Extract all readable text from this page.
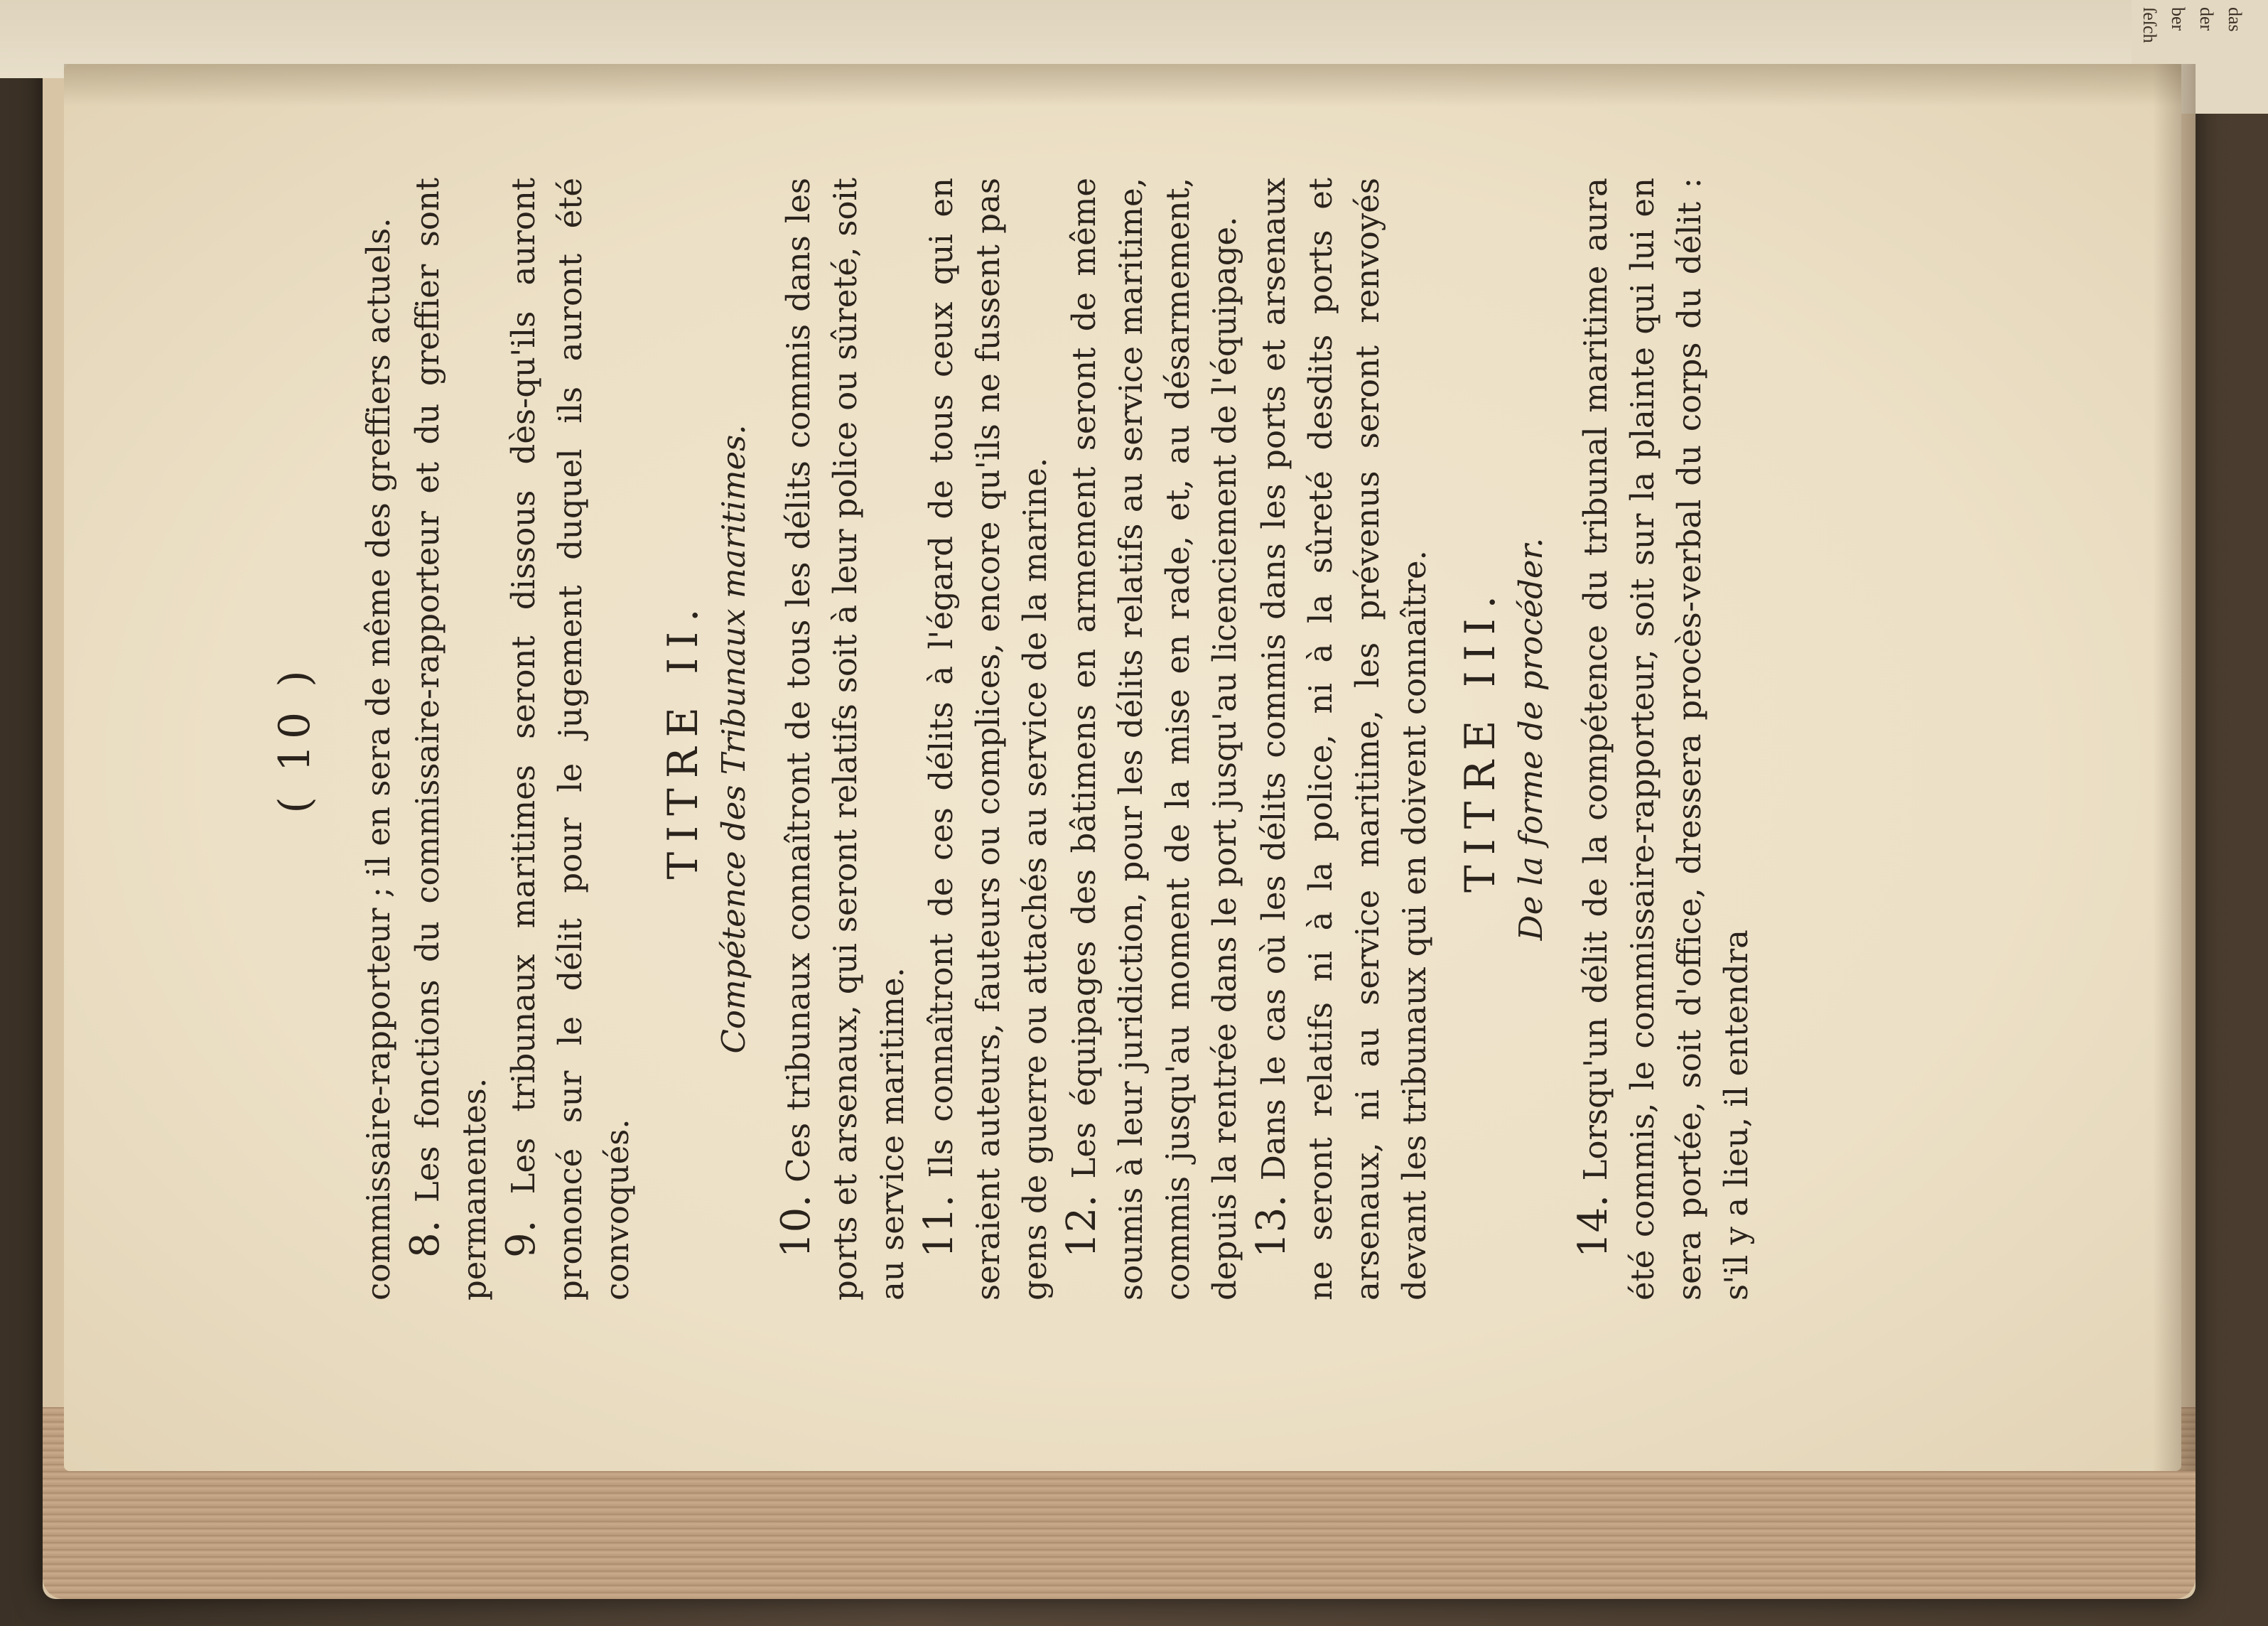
ſeſch ber der das
( 10 ) commissaire-rapporteur ; il en sera de même des greffiers actuels. 8. Les fonctions du commissaire-rapporteur et du greffier sont permanentes. 9. Les tribunaux maritimes seront dissous dès-qu'ils auront prononcé sur le délit pour le jugement duquel ils auront été convoqués.

TITRE II. Compétence des Tribunaux maritimes.

10. Ces tribunaux connaîtront de tous les délits commis dans les ports et arsenaux, qui seront relatifs soit à leur police ou sûreté, soit au service maritime. 11. Ils connaîtront de ces délits à l'égard de tous ceux qui en seraient auteurs, fauteurs ou complices, encore qu'ils ne fussent pas gens de guerre ou attachés au service de la marine. 12. Les équipages des bâtimens en armement seront de même soumis à leur juridiction, pour les délits relatifs au service maritime, commis jusqu'au moment de la mise en rade, et, au désarmement, depuis la rentrée dans le port jusqu'au licenciement de l'équipage. 13. Dans le cas où les délits commis dans les ports et arsenaux ne seront relatifs ni à la police, ni à la sûreté desdits ports et arsenaux, ni au service maritime, les prévenus seront renvoyés devant les tribunaux qui en doivent connaître. TITRE III. De la forme de procéder.

14. Lorsqu'un délit de la compétence du tribunal maritime aura été commis, le commissaire-rapporteur, soit sur la plainte qui lui en sera portée, soit d'office, dressera procès-verbal du corps du délit : s'il y a lieu, il entendra
